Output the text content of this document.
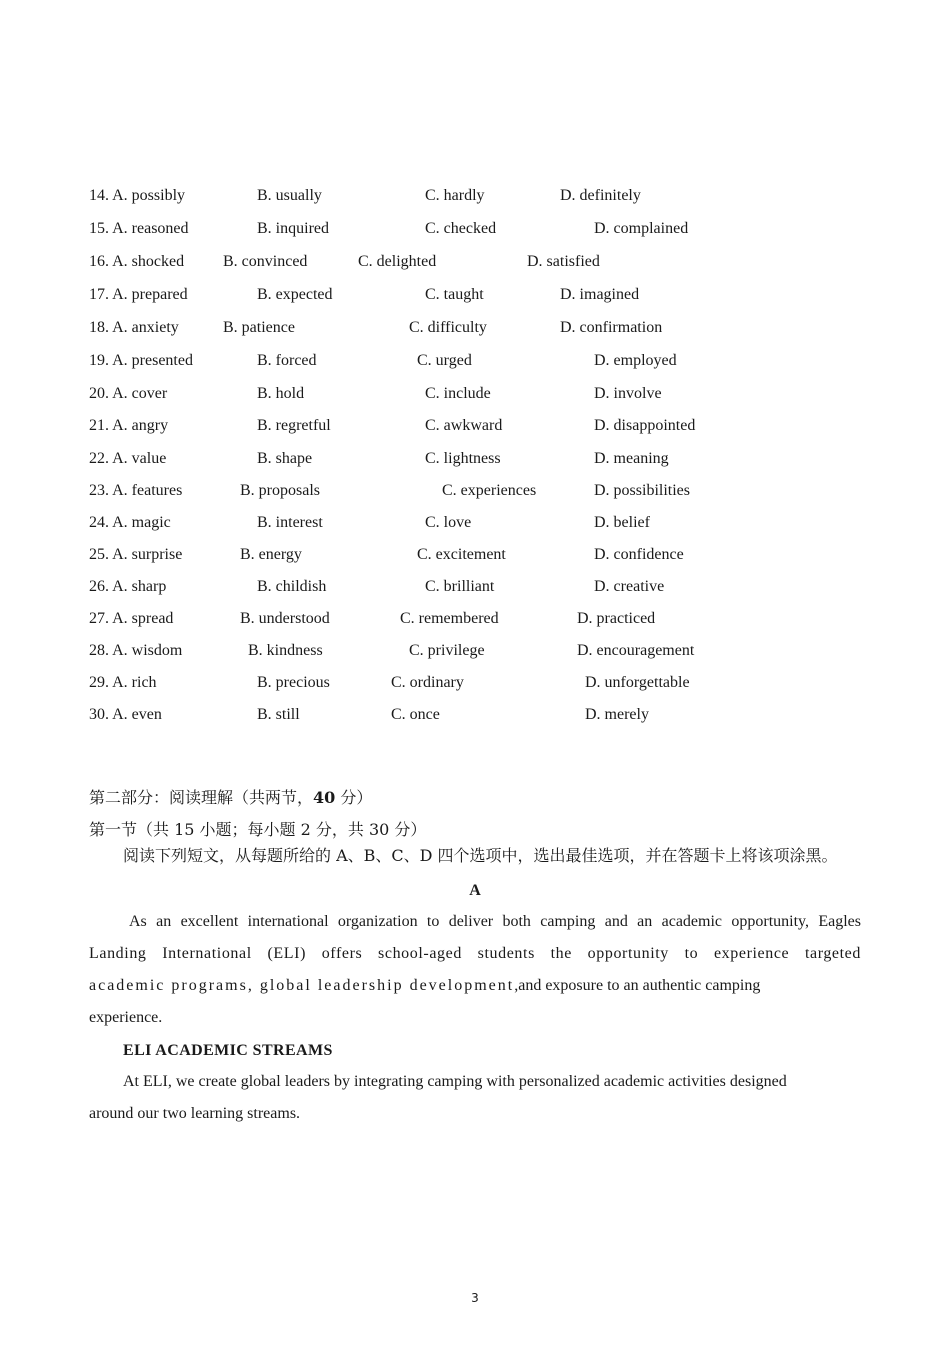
14. A. possibly	B. usually	C. hardly	D. definitely
15. A. reasoned	B. inquired	C. checked	D. complained
16. A. shocked B. convinced	C. delighted	D. satisfied
17. A. prepared	B. expected	C. taught	D. imagined
18. A. anxiety	B. patience	C. difficulty	D. confirmation
19. A. presented	B. forced	C. urged	D. employed
20. A. cover	B. hold	C. include	D. involve
21. A. angry	B. regretful	C. awkward	D. disappointed
22. A. value	B. shape	C. lightness	D. meaning
23. A. features	B. proposals	C. experiences	D. possibilities
24. A. magic	B. interest	C. love	D. belief
25. A. surprise	B. energy	C. excitement	D. confidence
26. A. sharp	B. childish	C. brilliant	D. creative
27. A. spread	B. understood	C. remembered	D. practiced
28. A. wisdom	B. kindness	C. privilege	D. encouragement
29. A. rich	B. precious	C. ordinary	D. unforgettable
30. A. even	B. still	C. once	D. merely
第二部分：阅读理解（共两节，40 分）
第一节（共 15 小题；每小题 2 分，共 30 分）
阅读下列短文，从每题所给的 A、B、C、D 四个选项中，选出最佳选项，并在答题卡上将该项涂黑。
A
As an excellent international organization to deliver both camping and an academic opportunity, Eagles
Landing International (ELI) offers school-aged students the opportunity to experience targeted
academic programs, global leadership development,and exposure to an authentic camping
experience.
ELI ACADEMIC STREAMS
At ELI, we create global leaders by integrating camping with personalized academic activities designed
around our two learning streams.
3
